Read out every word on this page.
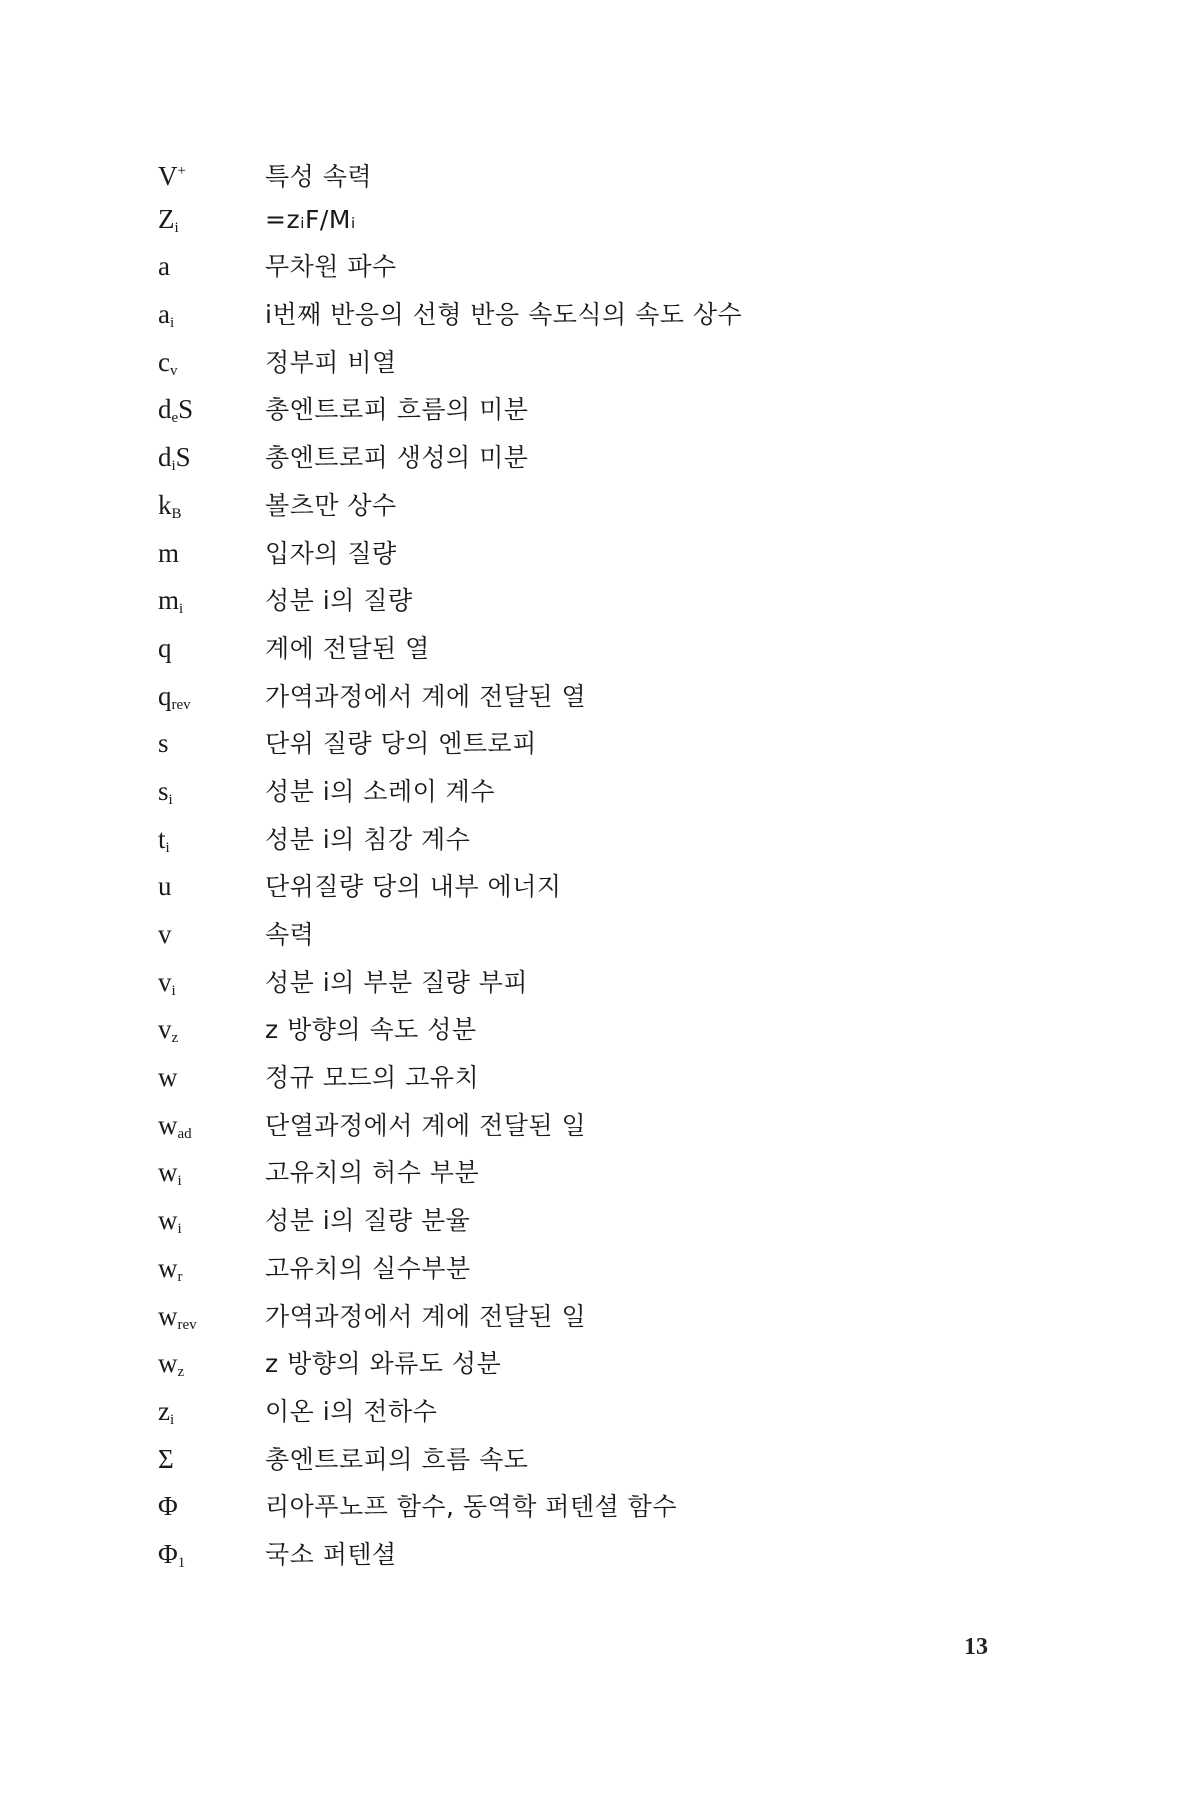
V+	특성 속력
$Z_i$	=zᵢF/Mᵢ
a	무차원 파수
$a_i$	i번째 반응의 선형 반응 속도식의 속도 상수
$c_v$	정부피 비열
$d_eS$	총엔트로피 흐름의 미분
$d_iS$	총엔트로피 생성의 미분
$k_B$	볼츠만 상수
m	입자의 질량
$m_i$	성분 i의 질량
q	계에 전달된 열
$q_{rev}$	가역과정에서 계에 전달된 열
s	단위 질량 당의 엔트로피
$s_i$	성분 i의 소레이 계수
$t_i$	성분 i의 침강 계수
u	단위질량 당의 내부 에너지
v	속력
$v_i$	성분 i의 부분 질량 부피
$v_z$	z 방향의 속도 성분
w	정규 모드의 고유치
$w_{ad}$	단열과정에서 계에 전달된 일
$w_i$	고유치의 허수 부분
$w_i$	성분 i의 질량 분율
$w_r$	고유치의 실수부분
$w_{rev}$	가역과정에서 계에 전달된 일
$w_z$	z 방향의 와류도 성분
$z_i$	이온 i의 전하수
Σ	총엔트로피의 흐름 속도
Φ	리아푸노프 함수, 동역학 퍼텐셜 함수
$\Phi_1$	국소 퍼텐셜
13
